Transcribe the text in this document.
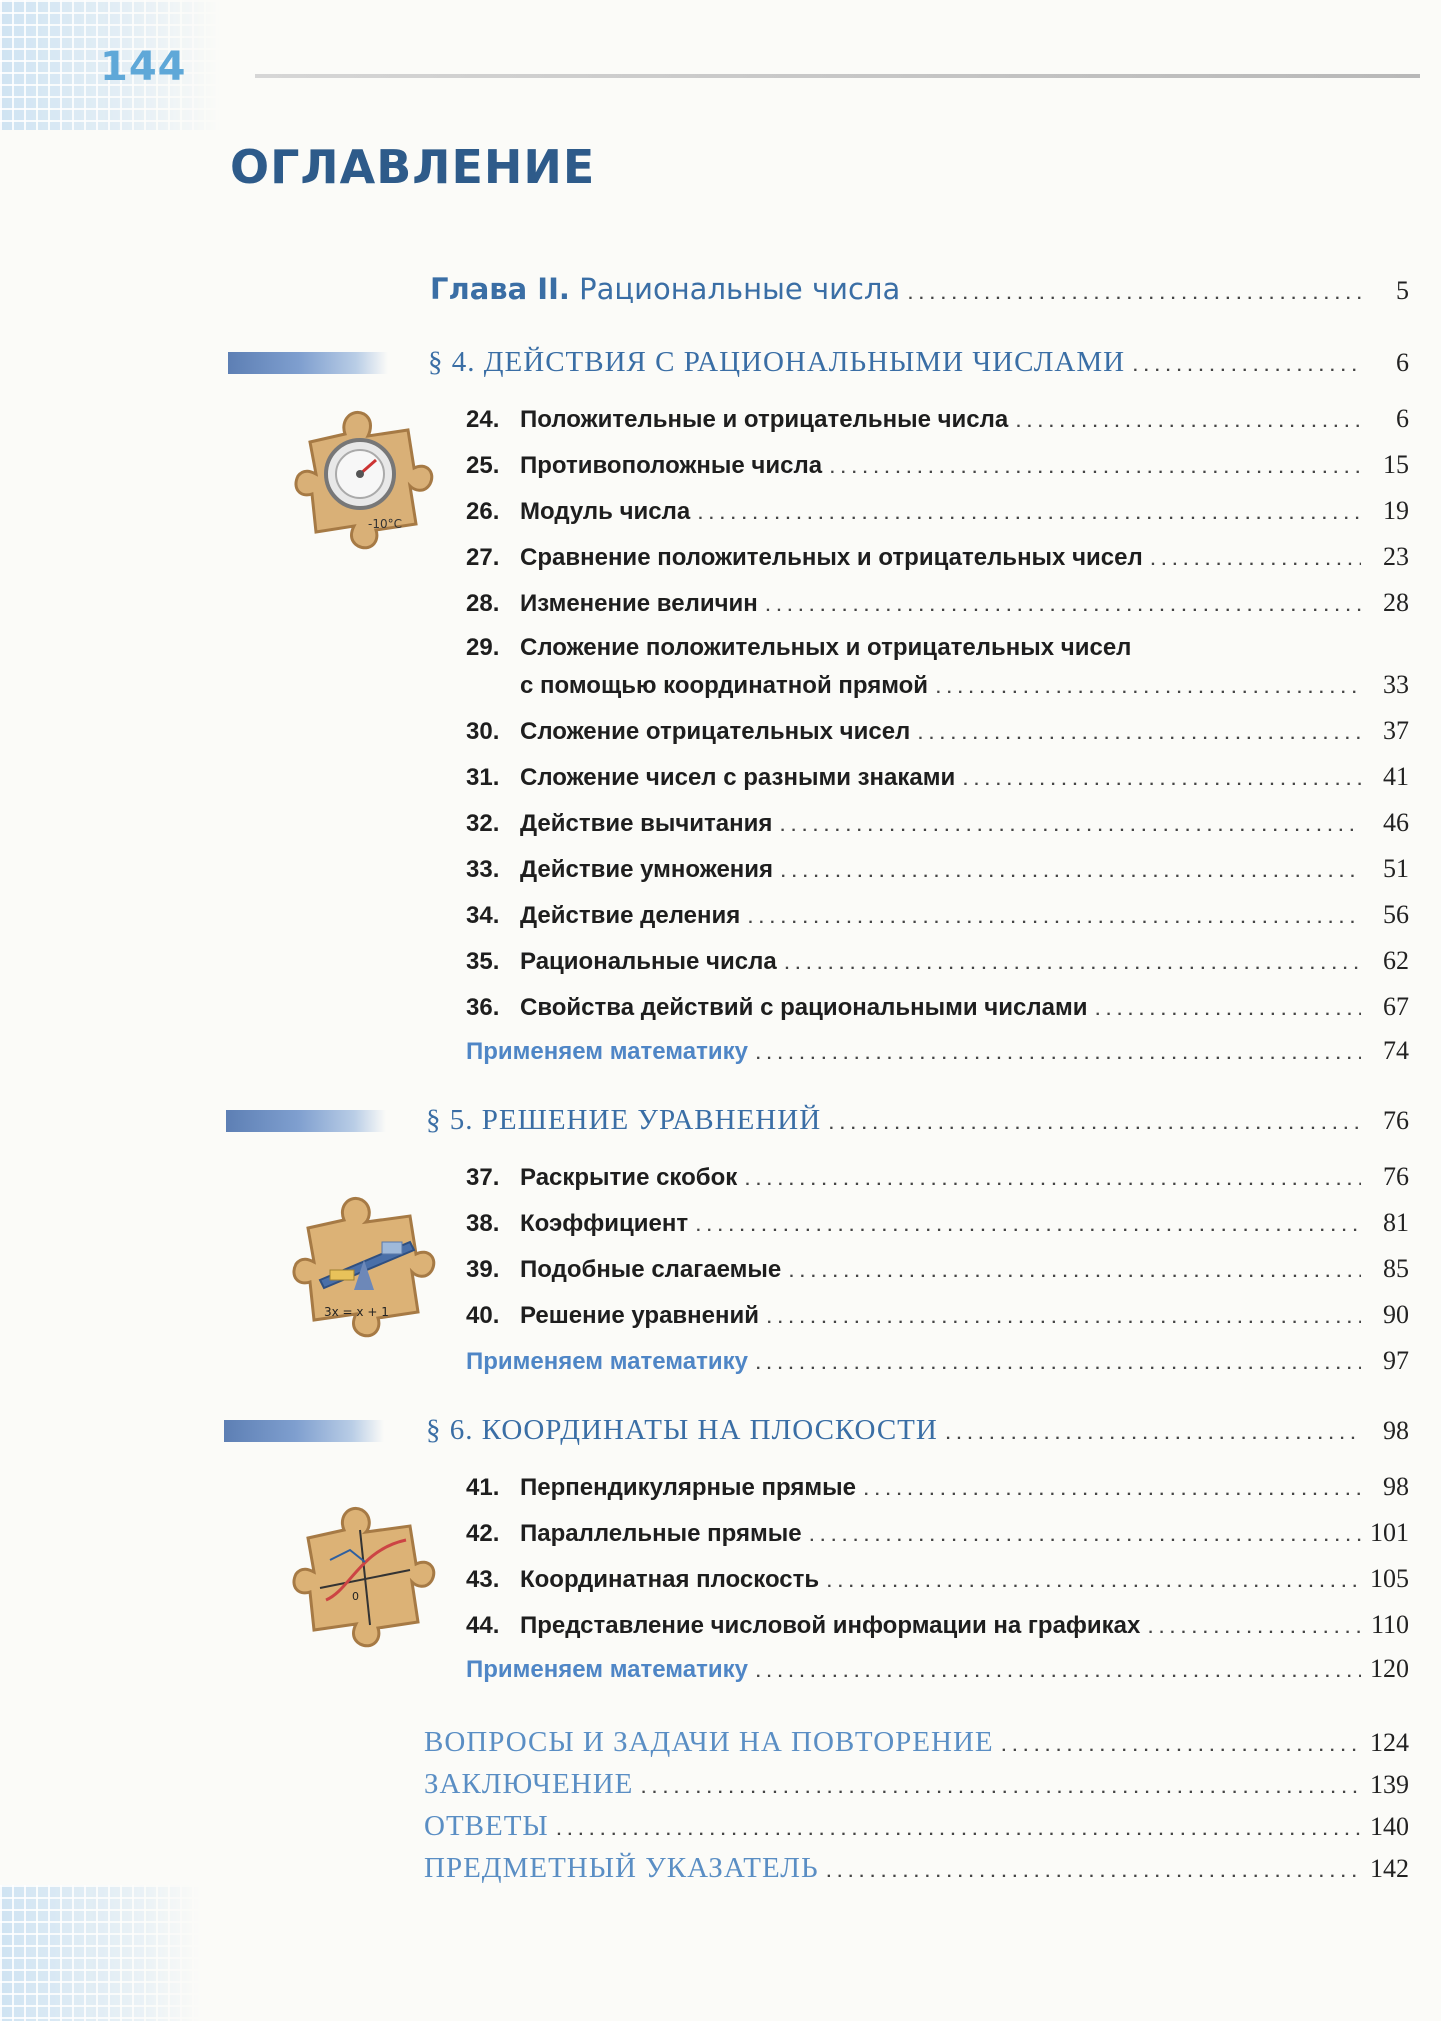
144
ОГЛАВЛЕНИЕ
Глава II. Рациональные числа .....	5
§ 4. ДЕЙСТВИЯ С РАЦИОНАЛЬНЫМИ ЧИСЛАМИ .....	6
-10°C
24. Положительные и отрицательные числа .....	6
25. Противоположные числа .....	15
26. Модуль числа .....	19
27. Сравнение положительных и отрицательных чисел .....	23
28. Изменение величин .....	28
29. Сложение положительных и отрицательных чисел
с помощью координатной прямой .....	33
30. Сложение отрицательных чисел .....	37
31. Сложение чисел с разными знаками .....	41
32. Действие вычитания .....	46
33. Действие умножения .....	51
34. Действие деления .....	56
35. Рациональные числа .....	62
36. Свойства действий с рациональными числами .....	67
Применяем математику .....	74
§ 5. РЕШЕНИЕ УРАВНЕНИЙ .....	76
3x = x + 1
37. Раскрытие скобок .....	76
38. Коэффициент .....	81
39. Подобные слагаемые .....	85
40. Решение уравнений .....	90
Применяем математику .....	97
§ 6. КООРДИНАТЫ НА ПЛОСКОСТИ .....	98
0
41. Перпендикулярные прямые .....	98
42. Параллельные прямые .....	101
43. Координатная плоскость .....	105
44. Представление числовой информации на графиках .....	110
Применяем математику .....	120
ВОПРОСЫ И ЗАДАЧИ НА ПОВТОРЕНИЕ .....	124
ЗАКЛЮЧЕНИЕ .....	139
ОТВЕТЫ .....	140
ПРЕДМЕТНЫЙ УКАЗАТЕЛЬ .....	142
